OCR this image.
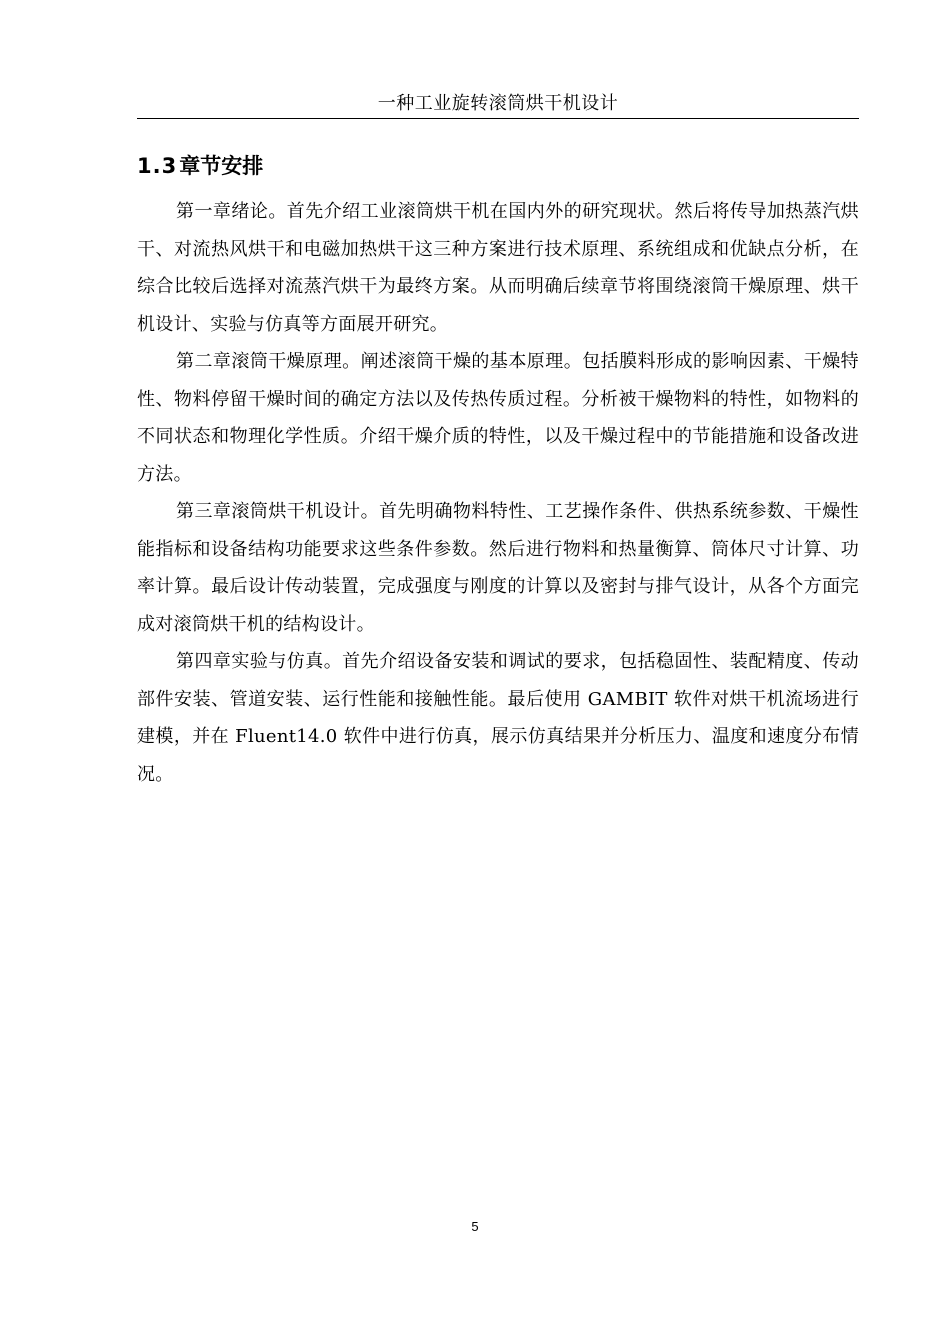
一种工业旋转滚筒烘干机设计
1.3章节安排

第一章绪论。首先介绍工业滚筒烘干机在国内外的研究现状。然后将传导加热蒸汽烘干、对流热风烘干和电磁加热烘干这三种方案进行技术原理、系统组成和优缺点分析，在综合比较后选择对流蒸汽烘干为最终方案。从而明确后续章节将围绕滚筒干燥原理、烘干机设计、实验与仿真等方面展开研究。

第二章滚筒干燥原理。阐述滚筒干燥的基本原理。包括膜料形成的影响因素、干燥特性、物料停留干燥时间的确定方法以及传热传质过程。分析被干燥物料的特性，如物料的不同状态和物理化学性质。介绍干燥介质的特性，以及干燥过程中的节能措施和设备改进方法。

第三章滚筒烘干机设计。首先明确物料特性、工艺操作条件、供热系统参数、干燥性能指标和设备结构功能要求这些条件参数。然后进行物料和热量衡算、筒体尺寸计算、功率计算。最后设计传动装置，完成强度与刚度的计算以及密封与排气设计，从各个方面完成对滚筒烘干机的结构设计。

第四章实验与仿真。首先介绍设备安装和调试的要求，包括稳固性、装配精度、传动部件安装、管道安装、运行性能和接触性能。最后使用 GAMBIT 软件对烘干机流场进行建模，并在 Fluent14.0 软件中进行仿真，展示仿真结果并分析压力、温度和速度分布情况。

5
